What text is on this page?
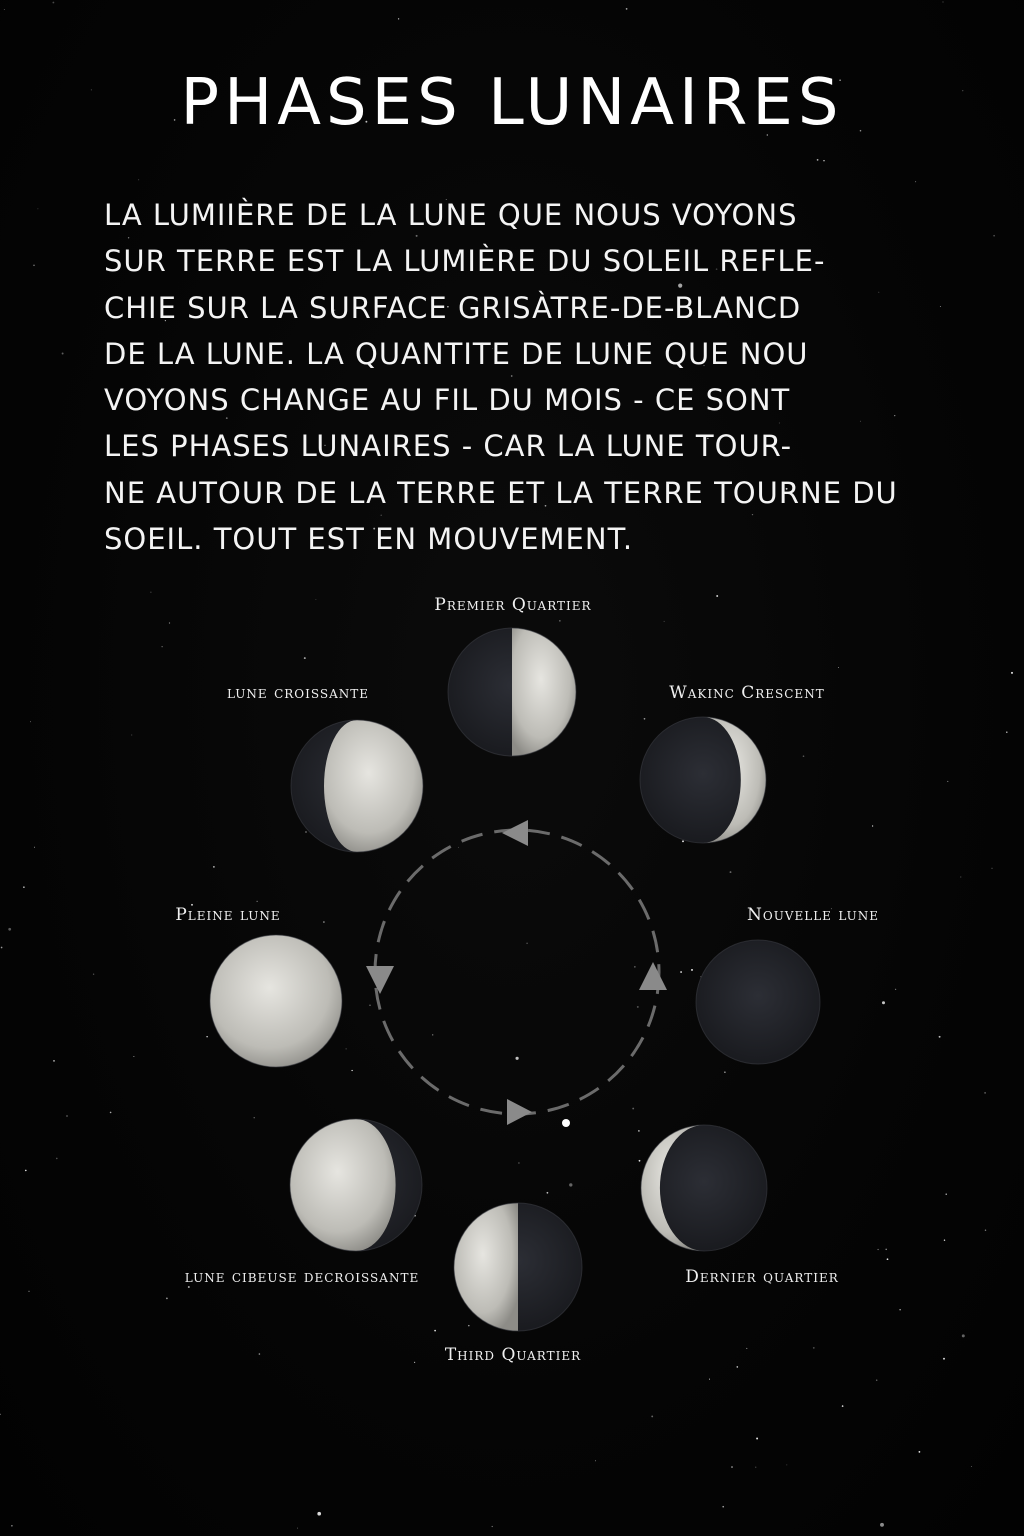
PHASES LUNAIRES
LA LUMIIÈRE DE LA LUNE QUE NOUS VOYONS
SUR TERRE EST LA LUMIÈRE DU SOLEIL REFLE-
CHIE SUR LA SURFACE GRISÀTRE-DE-BLANCD
DE LA LUNE. LA QUANTITE DE LUNE QUE NOU
VOYONS CHANGE AU FIL DU MOIS - CE SONT
LES PHASES LUNAIRES - CAR LA LUNE TOUR-
NE AUTOUR DE LA TERRE ET LA TERRE TOURNE DU
SOEIL. TOUT EST EN MOUVEMENT.
Premier Quartier
Wakinc Crescent
Nouvelle lune
Dernier quartier
Third Quartier
lune cibeuse decroissante
Pleine lune
lune croissante
